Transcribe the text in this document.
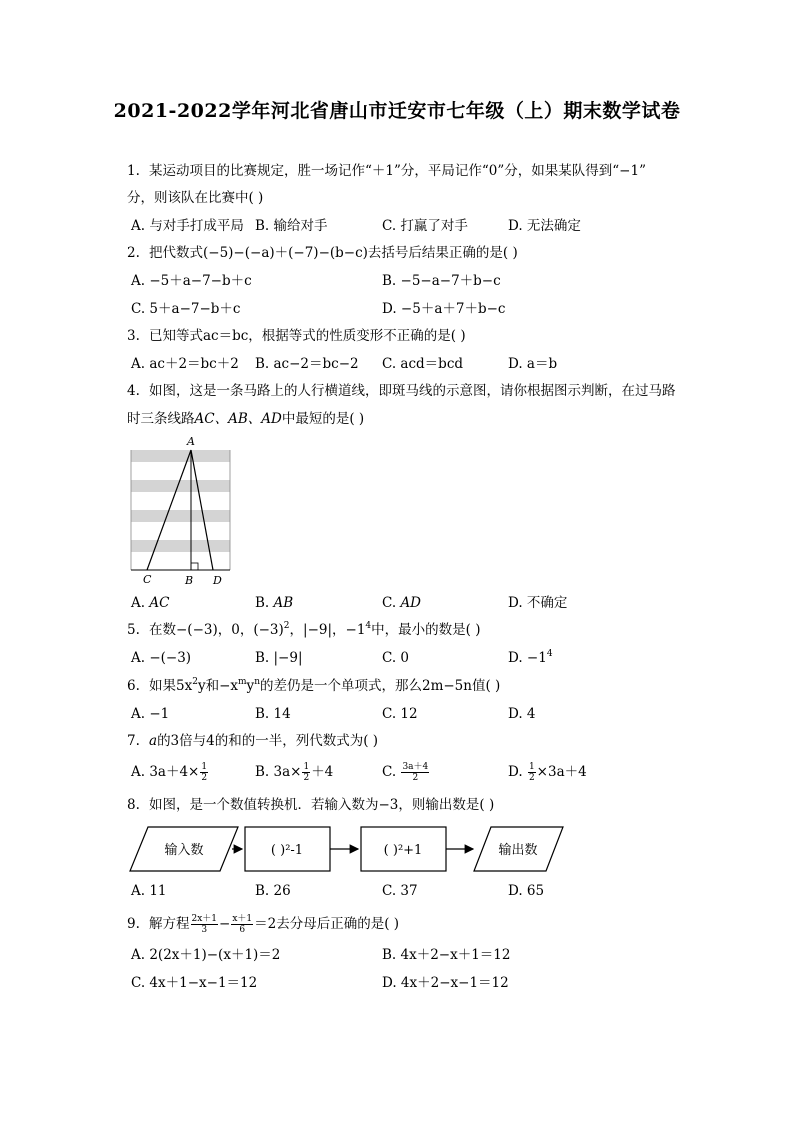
2021-2022学年河北省唐山市迁安市七年级（上）期末数学试卷
1. 某运动项目的比赛规定，胜一场记作“＋1”分，平局记作“0”分，如果某队得到“−1”
分，则该队在比赛中( )
A. 与对手打成平局 B. 输给对手	C. 打赢了对手	D. 无法确定
2. 把代数式(−5)−(−a)＋(−7)−(b−c)去括号后结果正确的是( )
A. −5＋a−7−b＋c	B. −5−a−7＋b−c
C. 5＋a−7−b＋c	D. −5＋a＋7＋b−c
3. 已知等式ac＝bc，根据等式的性质变形不正确的是( )
A. ac＋2＝bc＋2 B. ac−2＝bc−2 C. acd＝bcd	D. a＝b
4. 如图，这是一条马路上的人行横道线，即斑马线的示意图，请你根据图示判断，在过马路
时三条线路AC、AB、AD中最短的是( )
A
C	B D
A. AC	B. AB	C. AD	D. 不确定
5. 在数−(−3)，0，$(-3)^2$，|−9|，$-1^4$中，最小的数是( )
A. −(−3)	B. |−9|	C. 0	D. $-1^4$
6. 如果$5x^2y$和$-x^my^n$的差仍是一个单项式，那么2m−5n值( )
A. −1	B. 14	C. 12	D. 4
7. a的3倍与4的和的一半，列代数式为( )
A. $3a+4\times \frac{1}{2}$	B. $3a\times \frac{1}{2} +4$	C. $\frac{3a+4}{2}$	D. $\frac{1}{2} \times 3a+4$
8. 如图，是一个数值转换机．若输入数为−3，则输出数是( )
输入数	( )²-1	( )²+1	输出数
A. 11	B. 26	C. 37	D. 65
9. 解方程 $\frac{2x+1}{3} - \frac{x+1}{6} =2$去分母后正确的是( )
A. 2(2x＋1)−(x＋1)＝2	B. 4x＋2−x＋1＝12
C. 4x＋1−x−1＝12	D. 4x＋2−x−1＝12
